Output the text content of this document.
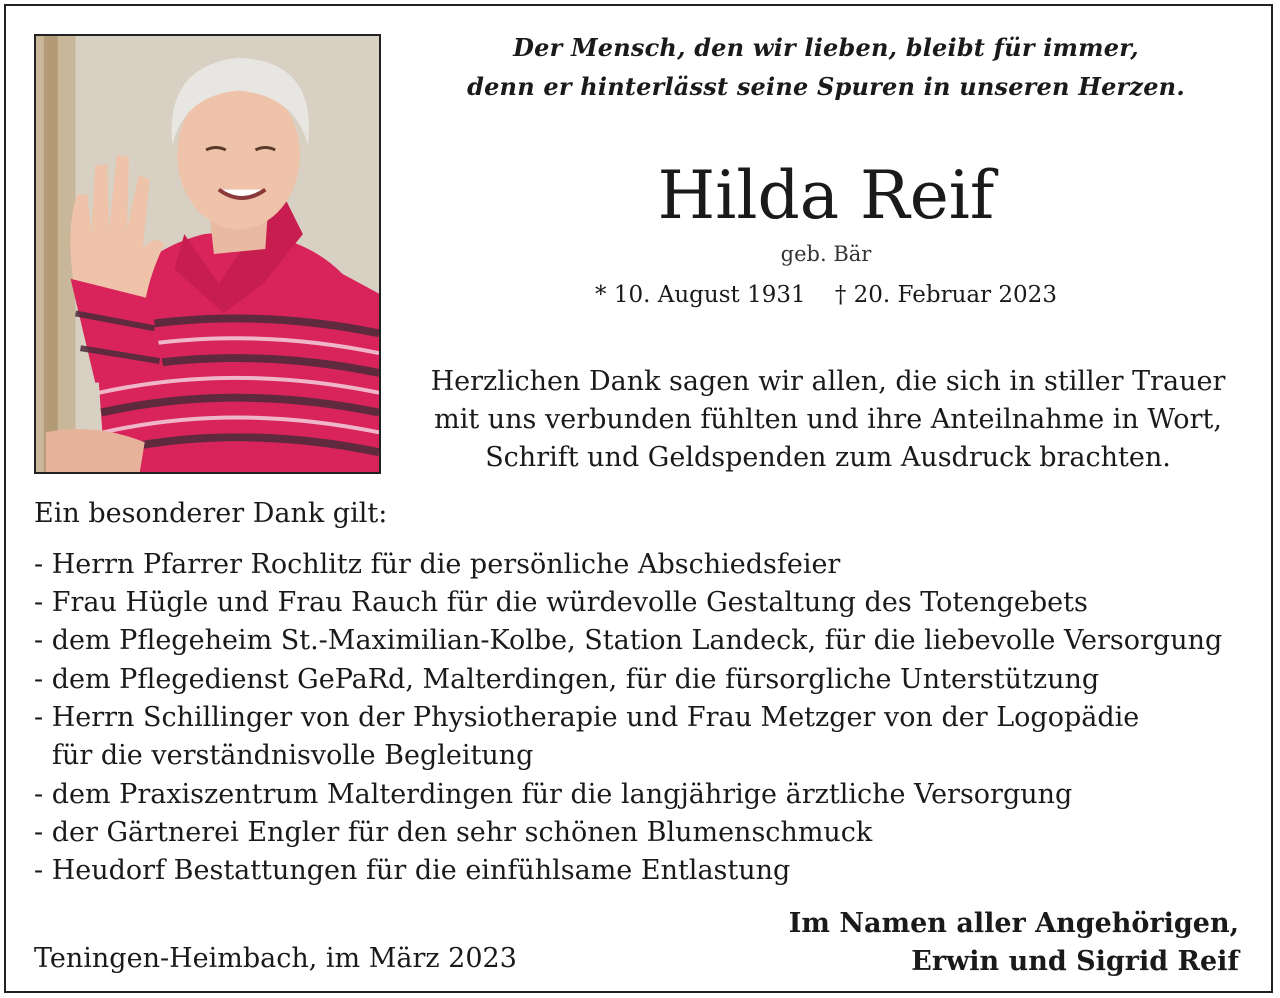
Der Mensch, den wir lieben, bleibt für immer,
denn er hinterlässt seine Spuren in unseren Herzen.
Hilda Reif
geb. Bär
* 10. August 1931 † 20. Februar 2023
Herzlichen Dank sagen wir allen, die sich in stiller Trauer
mit uns verbunden fühlten und ihre Anteilnahme in Wort,
Schrift und Geldspenden zum Ausdruck brachten.
Ein besonderer Dank gilt:
- Herrn Pfarrer Rochlitz für die persönliche Abschiedsfeier
- Frau Hügle und Frau Rauch für die würdevolle Gestaltung des Totengebets
- dem Pflegeheim St.-Maximilian-Kolbe, Station Landeck, für die liebevolle Versorgung
- dem Pflegedienst GePaRd, Malterdingen, für die fürsorgliche Unterstützung
- Herrn Schillinger von der Physiotherapie und Frau Metzger von der Logopädie
für die verständnisvolle Begleitung
- dem Praxiszentrum Malterdingen für die langjährige ärztliche Versorgung
- der Gärtnerei Engler für den sehr schönen Blumenschmuck
- Heudorf Bestattungen für die einfühlsame Entlastung
Teningen-Heimbach, im März 2023
Im Namen aller Angehörigen,
Erwin und Sigrid Reif
